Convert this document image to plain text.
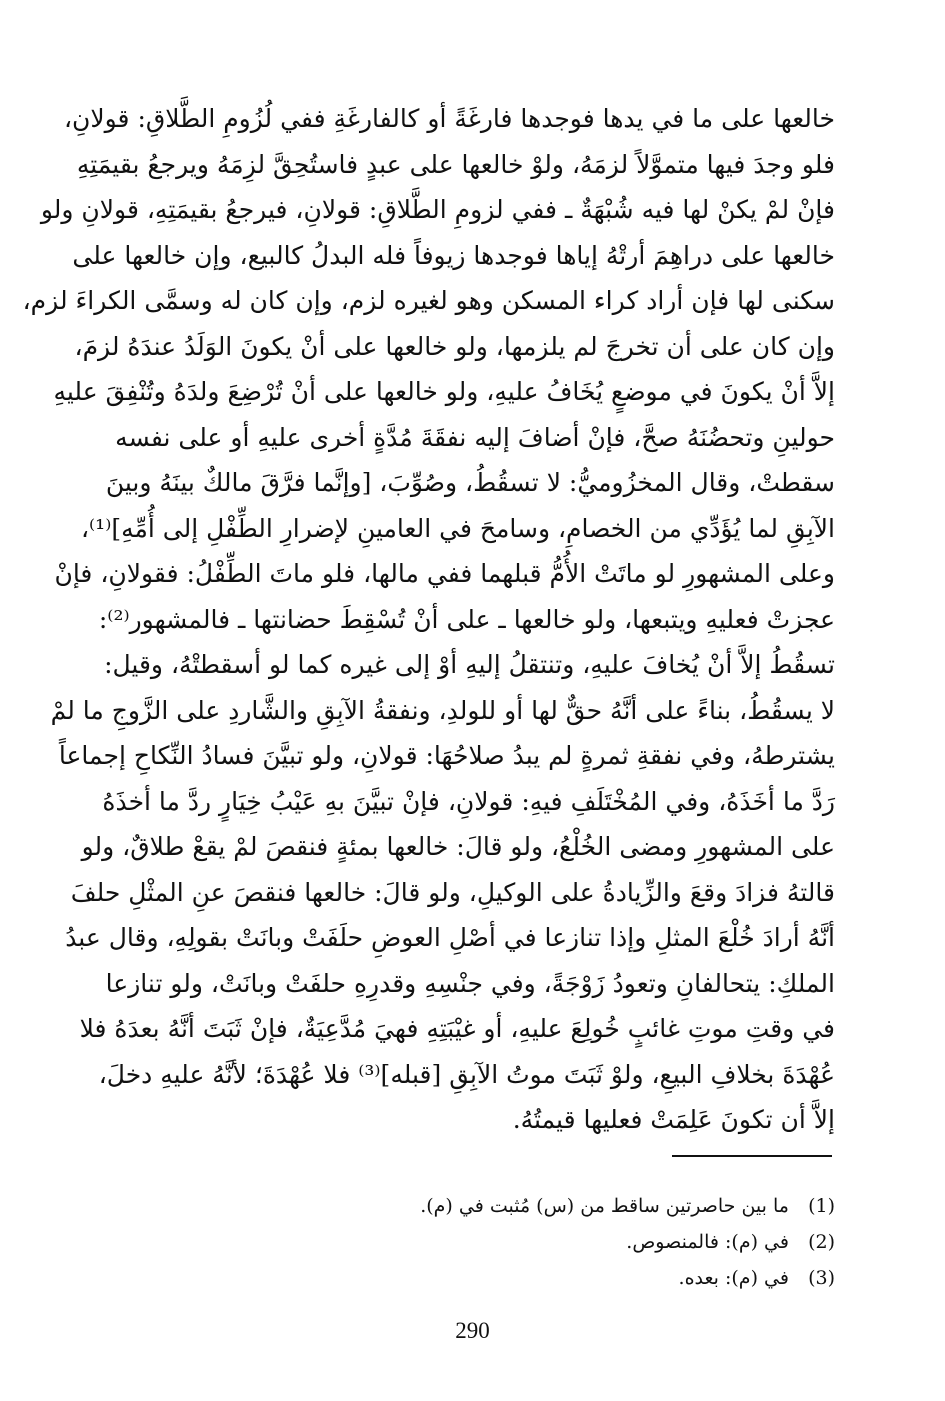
خالعها على ما في يدها فوجدها فارغَةً أو كالفارغَةِ ففي لُزُومِ الطَّلاقِ: قولانِ،
فلو وجدَ فيها متموَّلاً لزمَهُ، ولوْ خالعها على عبدٍ فاستُحِقَّ لزِمَهُ ويرجعُ بقيمَتِهِ
فإنْ لمْ يكنْ لها فيه شُبْهَةٌ ـ ففي لزومِ الطَّلاقِ: قولانِ، فيرجعُ بقيمَتِهِ، قولانِ ولو
خالعها على دراهِمَ أرتْهُ إياها فوجدها زيوفاً فله البدلُ كالبيع، وإن خالعها على
سكنى لها فإن أراد كراء المسكن وهو لغيره لزم، وإن كان له وسمَّى الكراءَ لزم،
وإن كان على أن تخرجَ لم يلزمها، ولو خالعها على أنْ يكونَ الوَلَدُ عندَهُ لزمَ،
إلاَّ أنْ يكونَ في موضعٍ يُخَافُ عليهِ، ولو خالعها على أنْ تُرْضِعَ ولدَهُ وتُنْفِقَ عليهِ
حولينِ وتحضُنَهُ صحَّ، فإنْ أضافَ إليه نفقَةَ مُدَّةٍ أخرى عليهِ أو على نفسه
سقطتْ، وقال المخزُوميُّ: لا تسقُطُ، وصُوِّبَ، [وإنَّما فرَّقَ مالكٌ بينَهُ وبينَ
الآبِقِ لما يُؤَدِّي من الخصامِ، وسامحَ في العامينِ لإضرارِ الطِّفْلِ إلى أُمِّهِ]⁽¹⁾،
وعلى المشهورِ لو ماتَتْ الأُمُّ قبلهما ففي مالها، فلو ماتَ الطِّفْلُ: فقولانِ، فإنْ
عجزتْ فعليهِ ويتبعها، ولو خالعها ـ على أنْ تُسْقِطَ حضانتها ـ فالمشهور⁽²⁾:
تسقُطُ إلاَّ أنْ يُخافَ عليهِ، وتنتقلُ إليهِ أوْ إلى غيره كما لو أسقطتْهُ، وقيل:
لا يسقُطُ، بناءً على أنَّهُ حقٌّ لها أو للولدِ، ونفقةُ الآبِقِ والشَّاردِ على الزَّوجِ ما لمْ
يشترطهُ، وفي نفقةِ ثمرةٍ لم يبدُ صلاحُهَا: قولانِ، ولو تبيَّنَ فسادُ النِّكاحِ إجماعاً
رَدَّ ما أخَذَهُ، وفي المُخْتَلَفِ فيهِ: قولانِ، فإنْ تبيَّنَ بهِ عَيْبُ خِيَارٍ ردَّ ما أخذَهُ
على المشهورِ ومضى الخُلْعُ، ولو قالَ: خالعها بمئةٍ فنقصَ لمْ يقعْ طلاقٌ، ولو
قالتهُ فزادَ وقعَ والزِّيادةُ على الوكيلِ، ولو قالَ: خالعها فنقصَ عنِ المثْلِ حلفَ
أنَّهُ أرادَ خُلْعَ المثلِ وإذا تنازعا في أصْلِ العوضِ حلَفَتْ وبانَتْ بقولِهِ، وقال عبدُ
الملكِ: يتحالفانِ وتعودُ زَوْجَةً، وفي جنْسِهِ وقدرِهِ حلفَتْ وبانَتْ، ولو تنازعا
في وقتِ موتِ غائبٍ خُولِعَ عليهِ، أو غيْبَتِهِ فهيَ مُدَّعِيَةٌ، فإنْ ثَبَتَ أنَّهُ بعدَهُ فلا
عُهْدَةَ بخلافِ البيعِ، ولوْ ثَبَتَ موتُ الآبِقِ [قبله]⁽³⁾ فلا عُهْدَةَ؛ لأنَّهُ عليهِ دخلَ،
إلاَّ أن تكونَ عَلِمَتْ فعليها قيمتُهُ.
(1) ما بين حاصرتين ساقط من (س) مُثبت في (م).
(2) في (م): فالمنصوص.
(3) في (م): بعده.
290
